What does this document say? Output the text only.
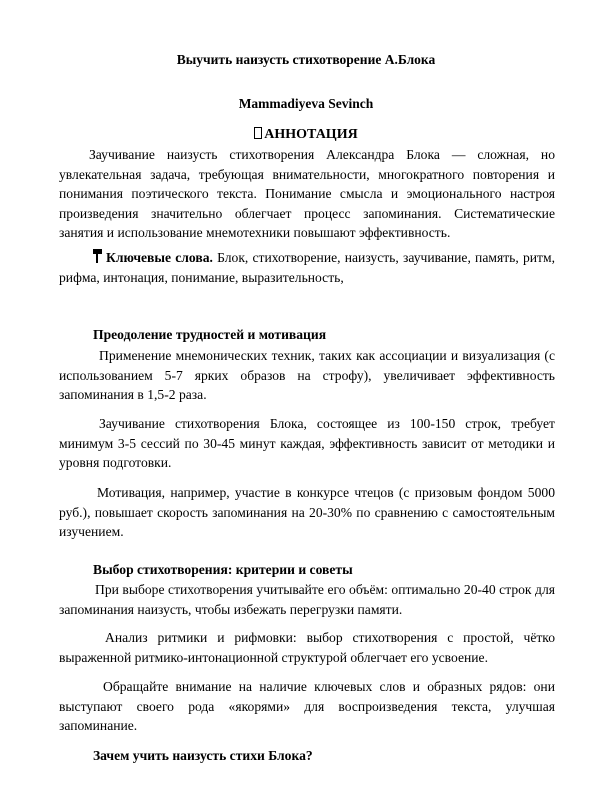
Выучить наизусть стихотворение А.Блока
Mammadiyeva Sevinch
АННОТАЦИЯ
Заучивание наизусть стихотворения Александра Блока — сложная, но увлекательная задача, требующая внимательности, многократного повторения и понимания поэтического текста. Понимание смысла и эмоционального настроя произведения значительно облегчает процесс запоминания. Систематические занятия и использование мнемотехники повышают эффективность.
Ключевые слова. Блок, стихотворение, наизусть, заучивание, память, ритм, рифма, интонация, понимание, выразительность,
Преодоление трудностей и мотивация
Применение мнемонических техник, таких как ассоциации и визуализация (с использованием 5-7 ярких образов на строфу), увеличивает эффективность запоминания в 1,5-2 раза.
Заучивание стихотворения Блока, состоящее из 100-150 строк, требует минимум 3-5 сессий по 30-45 минут каждая, эффективность зависит от методики и уровня подготовки.
Мотивация, например, участие в конкурсе чтецов (с призовым фондом 5000 руб.), повышает скорость запоминания на 20-30% по сравнению с самостоятельным изучением.
Выбор стихотворения: критерии и советы
При выборе стихотворения учитывайте его объём: оптимально 20-40 строк для запоминания наизусть, чтобы избежать перегрузки памяти.
Анализ ритмики и рифмовки: выбор стихотворения с простой, чётко выраженной ритмико-интонационной структурой облегчает его усвоение.
Обращайте внимание на наличие ключевых слов и образных рядов: они выступают своего рода «якорями» для воспроизведения текста, улучшая запоминание.
Зачем учить наизусть стихи Блока?
